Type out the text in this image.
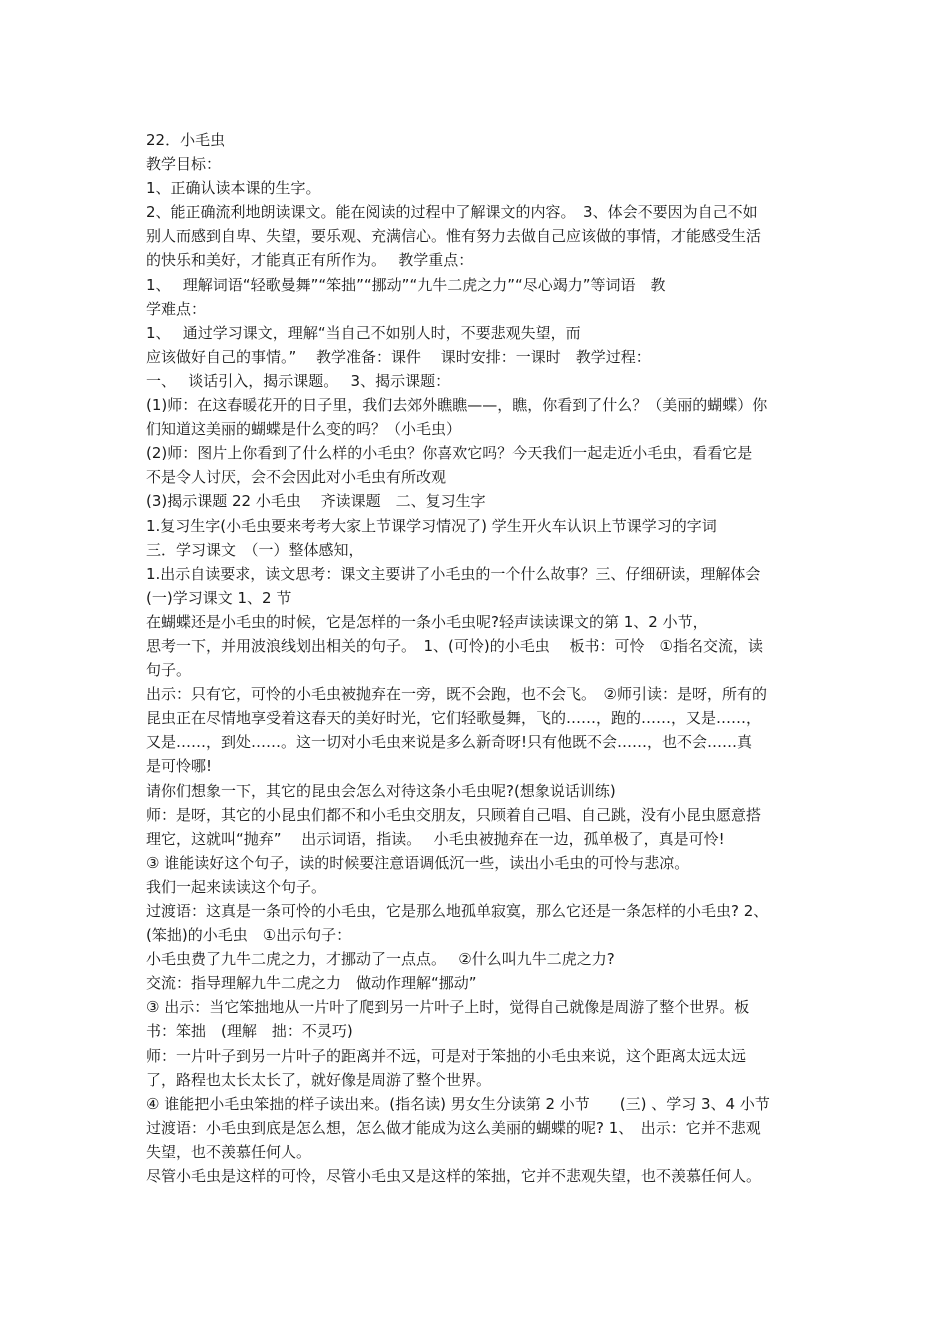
22．小毛虫
教学目标：
1、正确认读本课的生字。
2、能正确流利地朗读课文。能在阅读的过程中了解课文的内容。　3、体会不要因为自己不如
别人而感到自卑、失望，要乐观、充满信心。惟有努力去做自己应该做的事情，才能感受生活
的快乐和美好，才能真正有所作为。　 教学重点：
1、　 理解词语“轻歌曼舞”“笨拙”“挪动”“九牛二虎之力”“尽心竭力”等词语　教
学难点：
1、　 通过学习课文，理解“当自己不如别人时，不要悲观失望，而
应该做好自己的事情。”　 教学准备：课件　 课时安排：一课时　教学过程：
一、　 谈话引入，揭示课题。　 3、揭示课题：
(1)师：在这春暖花开的日子里，我们去郊外瞧瞧——，瞧，你看到了什么？（美丽的蝴蝶）你
们知道这美丽的蝴蝶是什么变的吗？（小毛虫）
(2)师：图片上你看到了什么样的小毛虫？你喜欢它吗？今天我们一起走近小毛虫，看看它是
不是令人讨厌，会不会因此对小毛虫有所改观
(3)揭示课题 22 小毛虫　 齐读课题　二、复习生字
1.复习生字(小毛虫要来考考大家上节课学习情况了) 学生开火车认识上节课学习的字词
三．学习课文　（一）整体感知，
1.出示自读要求，读文思考：课文主要讲了小毛虫的一个什么故事？三、仔细研读，理解体会
(一)学习课文 1、2 节
在蝴蝶还是小毛虫的时候，它是怎样的一条小毛虫呢?轻声读读课文的第 1、2 小节，
思考一下，并用波浪线划出相关的句子。　1、(可怜)的小毛虫　 板书：可怜　①指名交流，读
句子。
出示：只有它，可怜的小毛虫被抛弃在一旁，既不会跑，也不会飞。　②师引读：是呀，所有的
昆虫正在尽情地享受着这春天的美好时光，它们轻歌曼舞，飞的……，跑的……，又是……，
又是……，到处……。这一切对小毛虫来说是多么新奇呀!只有他既不会……，也不会……真
是可怜哪!
请你们想象一下，其它的昆虫会怎么对待这条小毛虫呢?(想象说话训练)
师：是呀，其它的小昆虫们都不和小毛虫交朋友，只顾着自己唱、自己跳，没有小昆虫愿意搭
理它，这就叫“抛弃”　 出示词语，指读。　 小毛虫被抛弃在一边，孤单极了，真是可怜!
③ 谁能读好这个句子，读的时候要注意语调低沉一些，读出小毛虫的可怜与悲凉。
我们一起来读读这个句子。
过渡语：这真是一条可怜的小毛虫，它是那么地孤单寂寞，那么它还是一条怎样的小毛虫? 2、
(笨拙)的小毛虫　①出示句子：
小毛虫费了九牛二虎之力，才挪动了一点点。　 ②什么叫九牛二虎之力?
交流：指导理解九牛二虎之力　做动作理解“挪动”
③ 出示：当它笨拙地从一片叶了爬到另一片叶子上时，觉得自己就像是周游了整个世界。板
书：笨拙　(理解　拙：不灵巧)
师：一片叶子到另一片叶子的距离并不远，可是对于笨拙的小毛虫来说，这个距离太远太远
了，路程也太长太长了，就好像是周游了整个世界。
④ 谁能把小毛虫笨拙的样子读出来。(指名读) 男女生分读第 2 小节　　(三) 、学习 3、4 小节
过渡语：小毛虫到底是怎么想，怎么做才能成为这么美丽的蝴蝶的呢? 1、　出示：它并不悲观
失望，也不羡慕任何人。
尽管小毛虫是这样的可怜，尽管小毛虫又是这样的笨拙，它并不悲观失望，也不羡慕任何人。
